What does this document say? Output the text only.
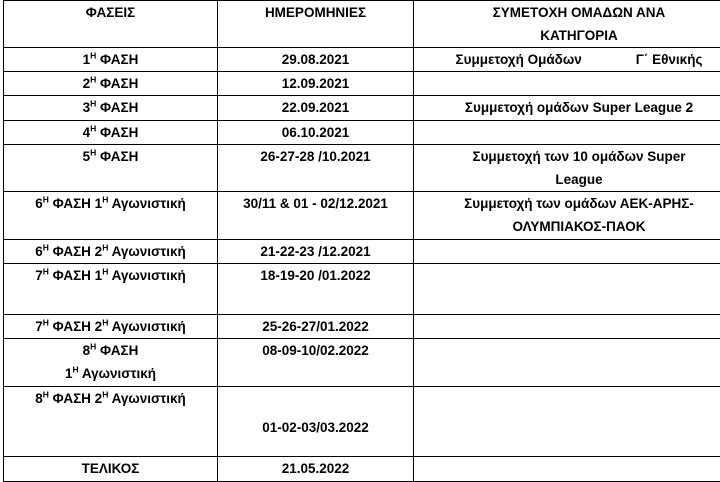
ΦΑΣΕΙΣ	ΗΜΕΡΟΜΗΝΙΕΣ	ΣΥΜΕΤΟΧΗ ΟΜΑΔΩΝ ΑΝΑ
ΚΑΤΗΓΟΡΙΑ
$1^H$ ΦΑΣΗ	29.08.2021	Συμμετοχή Ομάδων Γ΄ Εθνικής
$2^H$ ΦΑΣΗ	12.09.2021	
$3^H$ ΦΑΣΗ	22.09.2021	Συμμετοχή ομάδων Super League 2
$4^H$ ΦΑΣΗ	06.10.2021	
$5^H$ ΦΑΣΗ	26-27-28 /10.2021	Συμμετοχή των 10 ομάδων Super
League
$6^H$ ΦΑΣΗ $1^H$ Αγωνιστική	30/11 & 01 - 02/12.2021	Συμμετοχή των ομάδων ΑΕΚ-ΑΡΗΣ-
ΟΛΥΜΠΙΑΚΟΣ-ΠΑΟΚ
$6^H$ ΦΑΣΗ $2^H$ Αγωνιστική	21-22-23 /12.2021	
$7^H$ ΦΑΣΗ $1^H$ Αγωνιστική	18-19-20 /01.2022	
$7^H$ ΦΑΣΗ $2^H$ Αγωνιστική	25-26-27/01.2022	
$8^H$ ΦΑΣΗ
$1^H$ Αγωνιστική	08-09-10/02.2022	
$8^H$ ΦΑΣΗ $2^H$ Αγωνιστική	01-02-03/03.2022	
ΤΕΛΙΚΟΣ	21.05.2022	
